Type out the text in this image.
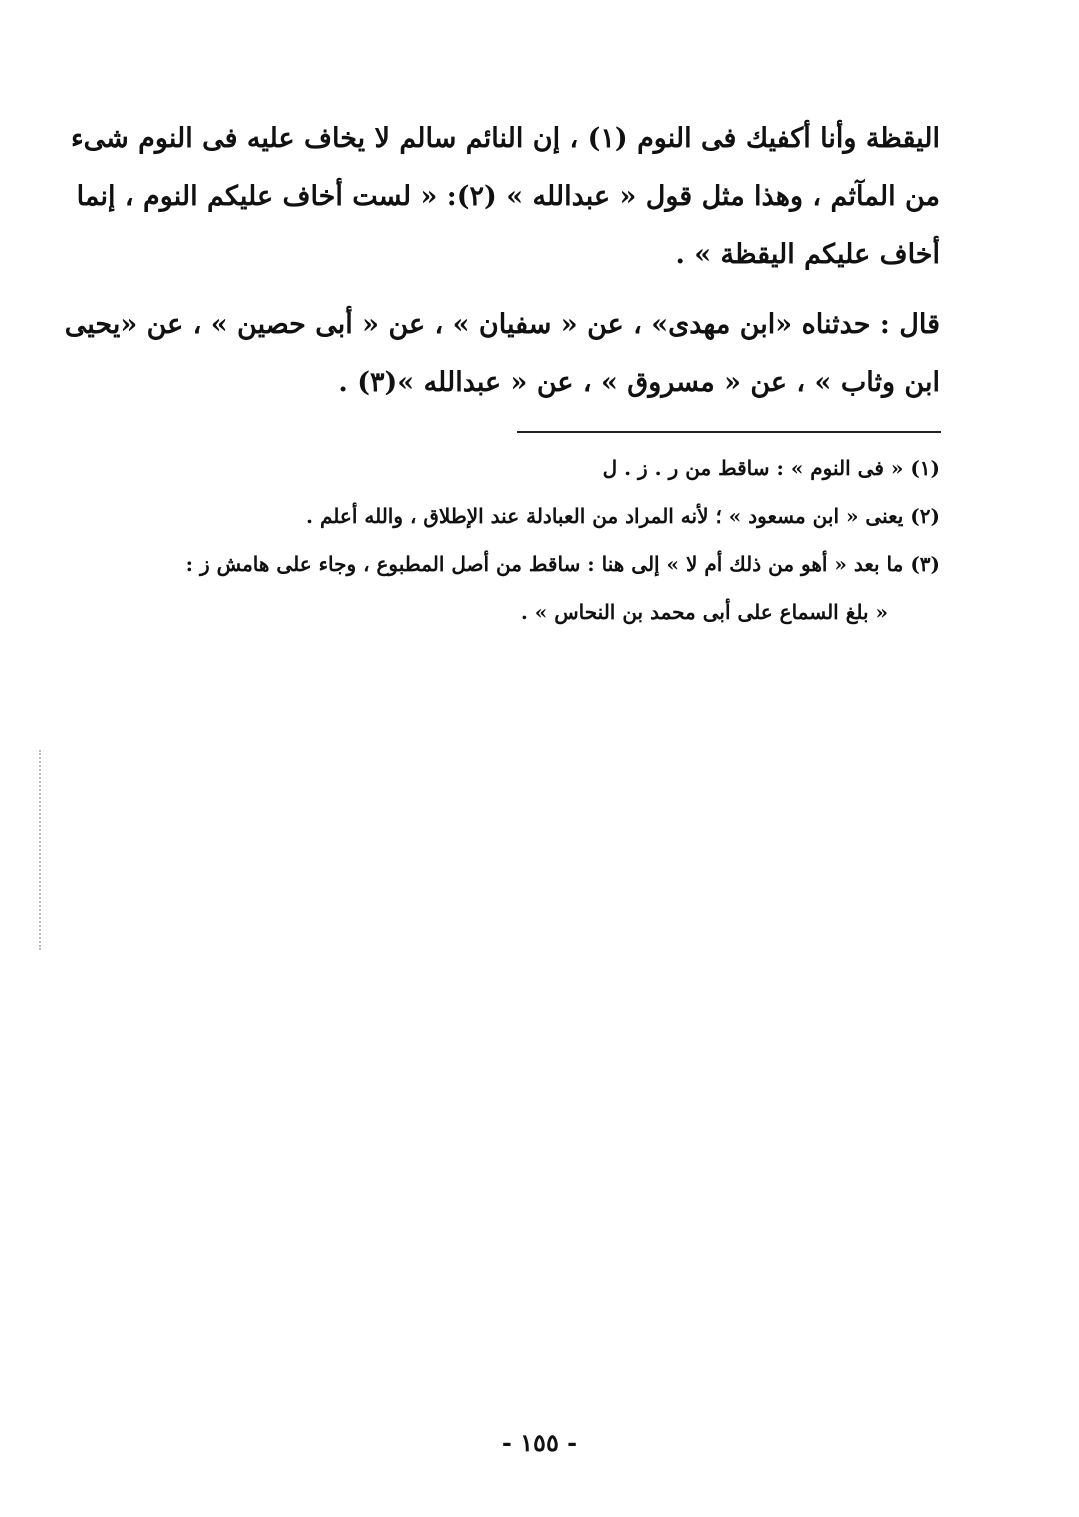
اليقظة وأنا أكفيك فى النوم (١) ، إن النائم سالم لا يخاف عليه فى النوم شىء
من المآثم ، وهذا مثل قول « عبدالله » (٢): « لست أخاف عليكم النوم ، إنما
أخاف عليكم اليقظة » .
قال : حدثناه «ابن مهدى» ، عن « سفيان » ، عن « أبى حصين » ، عن «يحيى
ابن وثاب » ، عن « مسروق » ، عن « عبدالله »(٣) .
(١) « فى النوم » : ساقط من ر . ز . ل
(٢) يعنى « ابن مسعود » ؛ لأنه المراد من العبادلة عند الإطلاق ، والله أعلم .
(٣) ما بعد « أهو من ذلك أم لا » إلى هنا : ساقط من أصل المطبوع ، وجاء على هامش ز :
« بلغ السماع على أبى محمد بن النحاس » .
- ١٥٥ -
